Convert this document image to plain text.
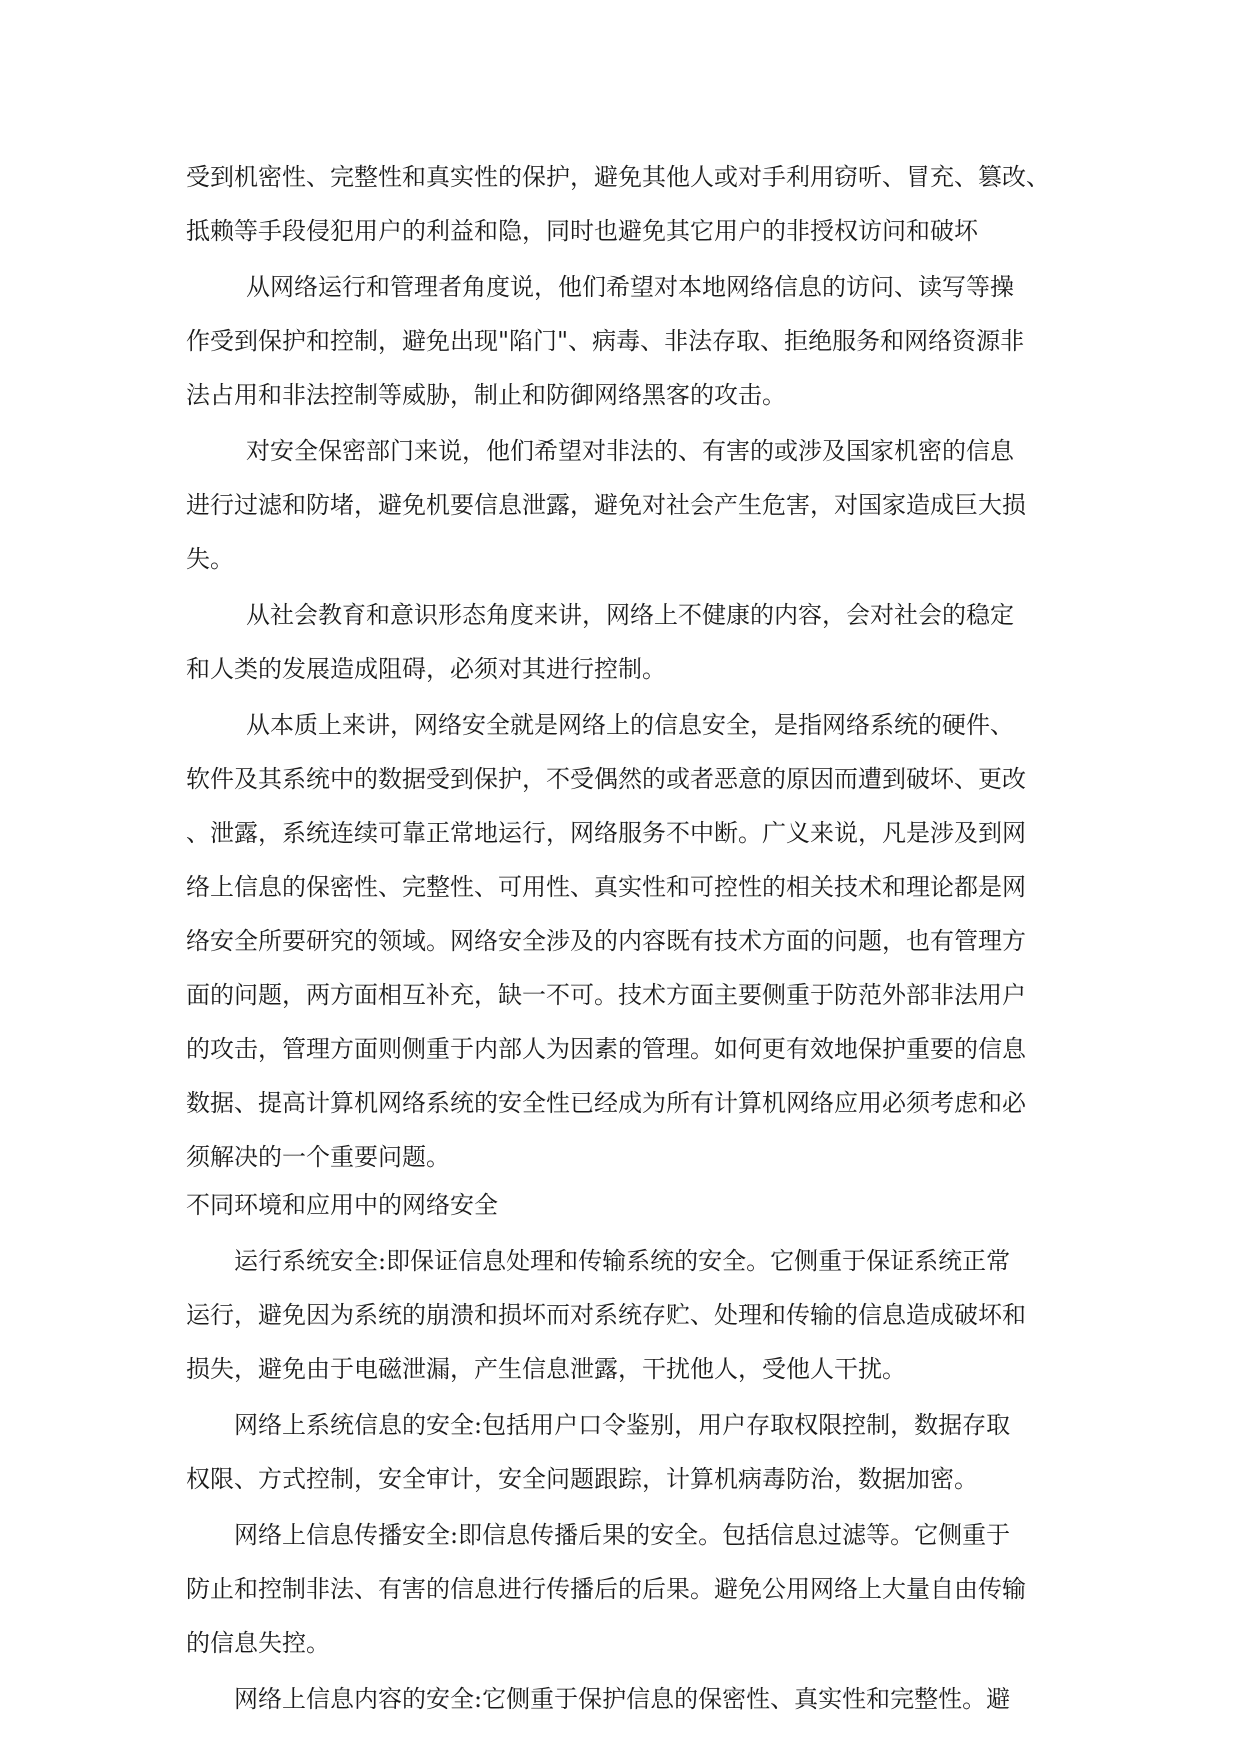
受到机密性、完整性和真实性的保护，避免其他人或对手利用窃听、冒充、篡改、
抵赖等手段侵犯用户的利益和隐，同时也避免其它用户的非授权访问和破坏
从网络运行和管理者角度说，他们希望对本地网络信息的访问、读写等操
作受到保护和控制，避免出现"陷门"、病毒、非法存取、拒绝服务和网络资源非
法占用和非法控制等威胁，制止和防御网络黑客的攻击。
对安全保密部门来说，他们希望对非法的、有害的或涉及国家机密的信息
进行过滤和防堵，避免机要信息泄露，避免对社会产生危害，对国家造成巨大损
失。
从社会教育和意识形态角度来讲，网络上不健康的内容，会对社会的稳定
和人类的发展造成阻碍，必须对其进行控制。
从本质上来讲，网络安全就是网络上的信息安全，是指网络系统的硬件、
软件及其系统中的数据受到保护，不受偶然的或者恶意的原因而遭到破坏、更改
、泄露，系统连续可靠正常地运行，网络服务不中断。广义来说，凡是涉及到网
络上信息的保密性、完整性、可用性、真实性和可控性的相关技术和理论都是网
络安全所要研究的领域。网络安全涉及的内容既有技术方面的问题，也有管理方
面的问题，两方面相互补充，缺一不可。技术方面主要侧重于防范外部非法用户
的攻击，管理方面则侧重于内部人为因素的管理。如何更有效地保护重要的信息
数据、提高计算机网络系统的安全性已经成为所有计算机网络应用必须考虑和必
须解决的一个重要问题。
不同环境和应用中的网络安全
运行系统安全:即保证信息处理和传输系统的安全。它侧重于保证系统正常
运行，避免因为系统的崩溃和损坏而对系统存贮、处理和传输的信息造成破坏和
损失，避免由于电磁泄漏，产生信息泄露，干扰他人，受他人干扰。
网络上系统信息的安全:包括用户口令鉴别，用户存取权限控制，数据存取
权限、方式控制，安全审计，安全问题跟踪，计算机病毒防治，数据加密。
网络上信息传播安全:即信息传播后果的安全。包括信息过滤等。它侧重于
防止和控制非法、有害的信息进行传播后的后果。避免公用网络上大量自由传输
的信息失控。
网络上信息内容的安全:它侧重于保护信息的保密性、真实性和完整性。避
